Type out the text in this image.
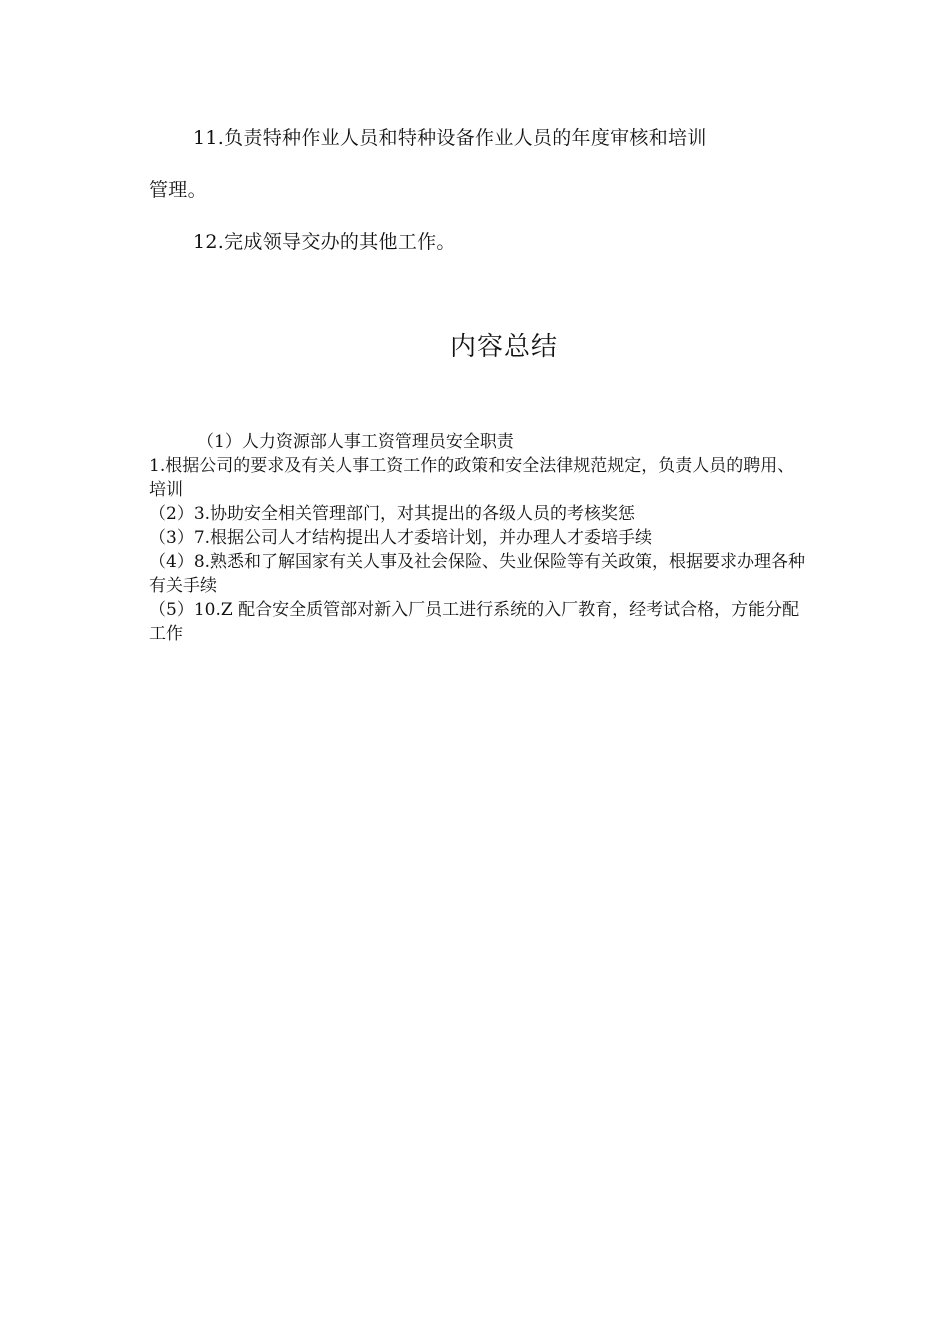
11.负责特种作业人员和特种设备作业人员的年度审核和培训

管理。

12.完成领导交办的其他工作。

内容总结
（1）人力资源部人事工资管理员安全职责
1.根据公司的要求及有关人事工资工作的政策和安全法律规范规定，负责人员的聘用、培训
（2）3.协助安全相关管理部门，对其提出的各级人员的考核奖惩
（3）7.根据公司人才结构提出人才委培计划，并办理人才委培手续
（4）8.熟悉和了解国家有关人事及社会保险、失业保险等有关政策，根据要求办理各种有关手续
（5）10.Z 配合安全质管部对新入厂员工进行系统的入厂教育，经考试合格，方能分配工作
